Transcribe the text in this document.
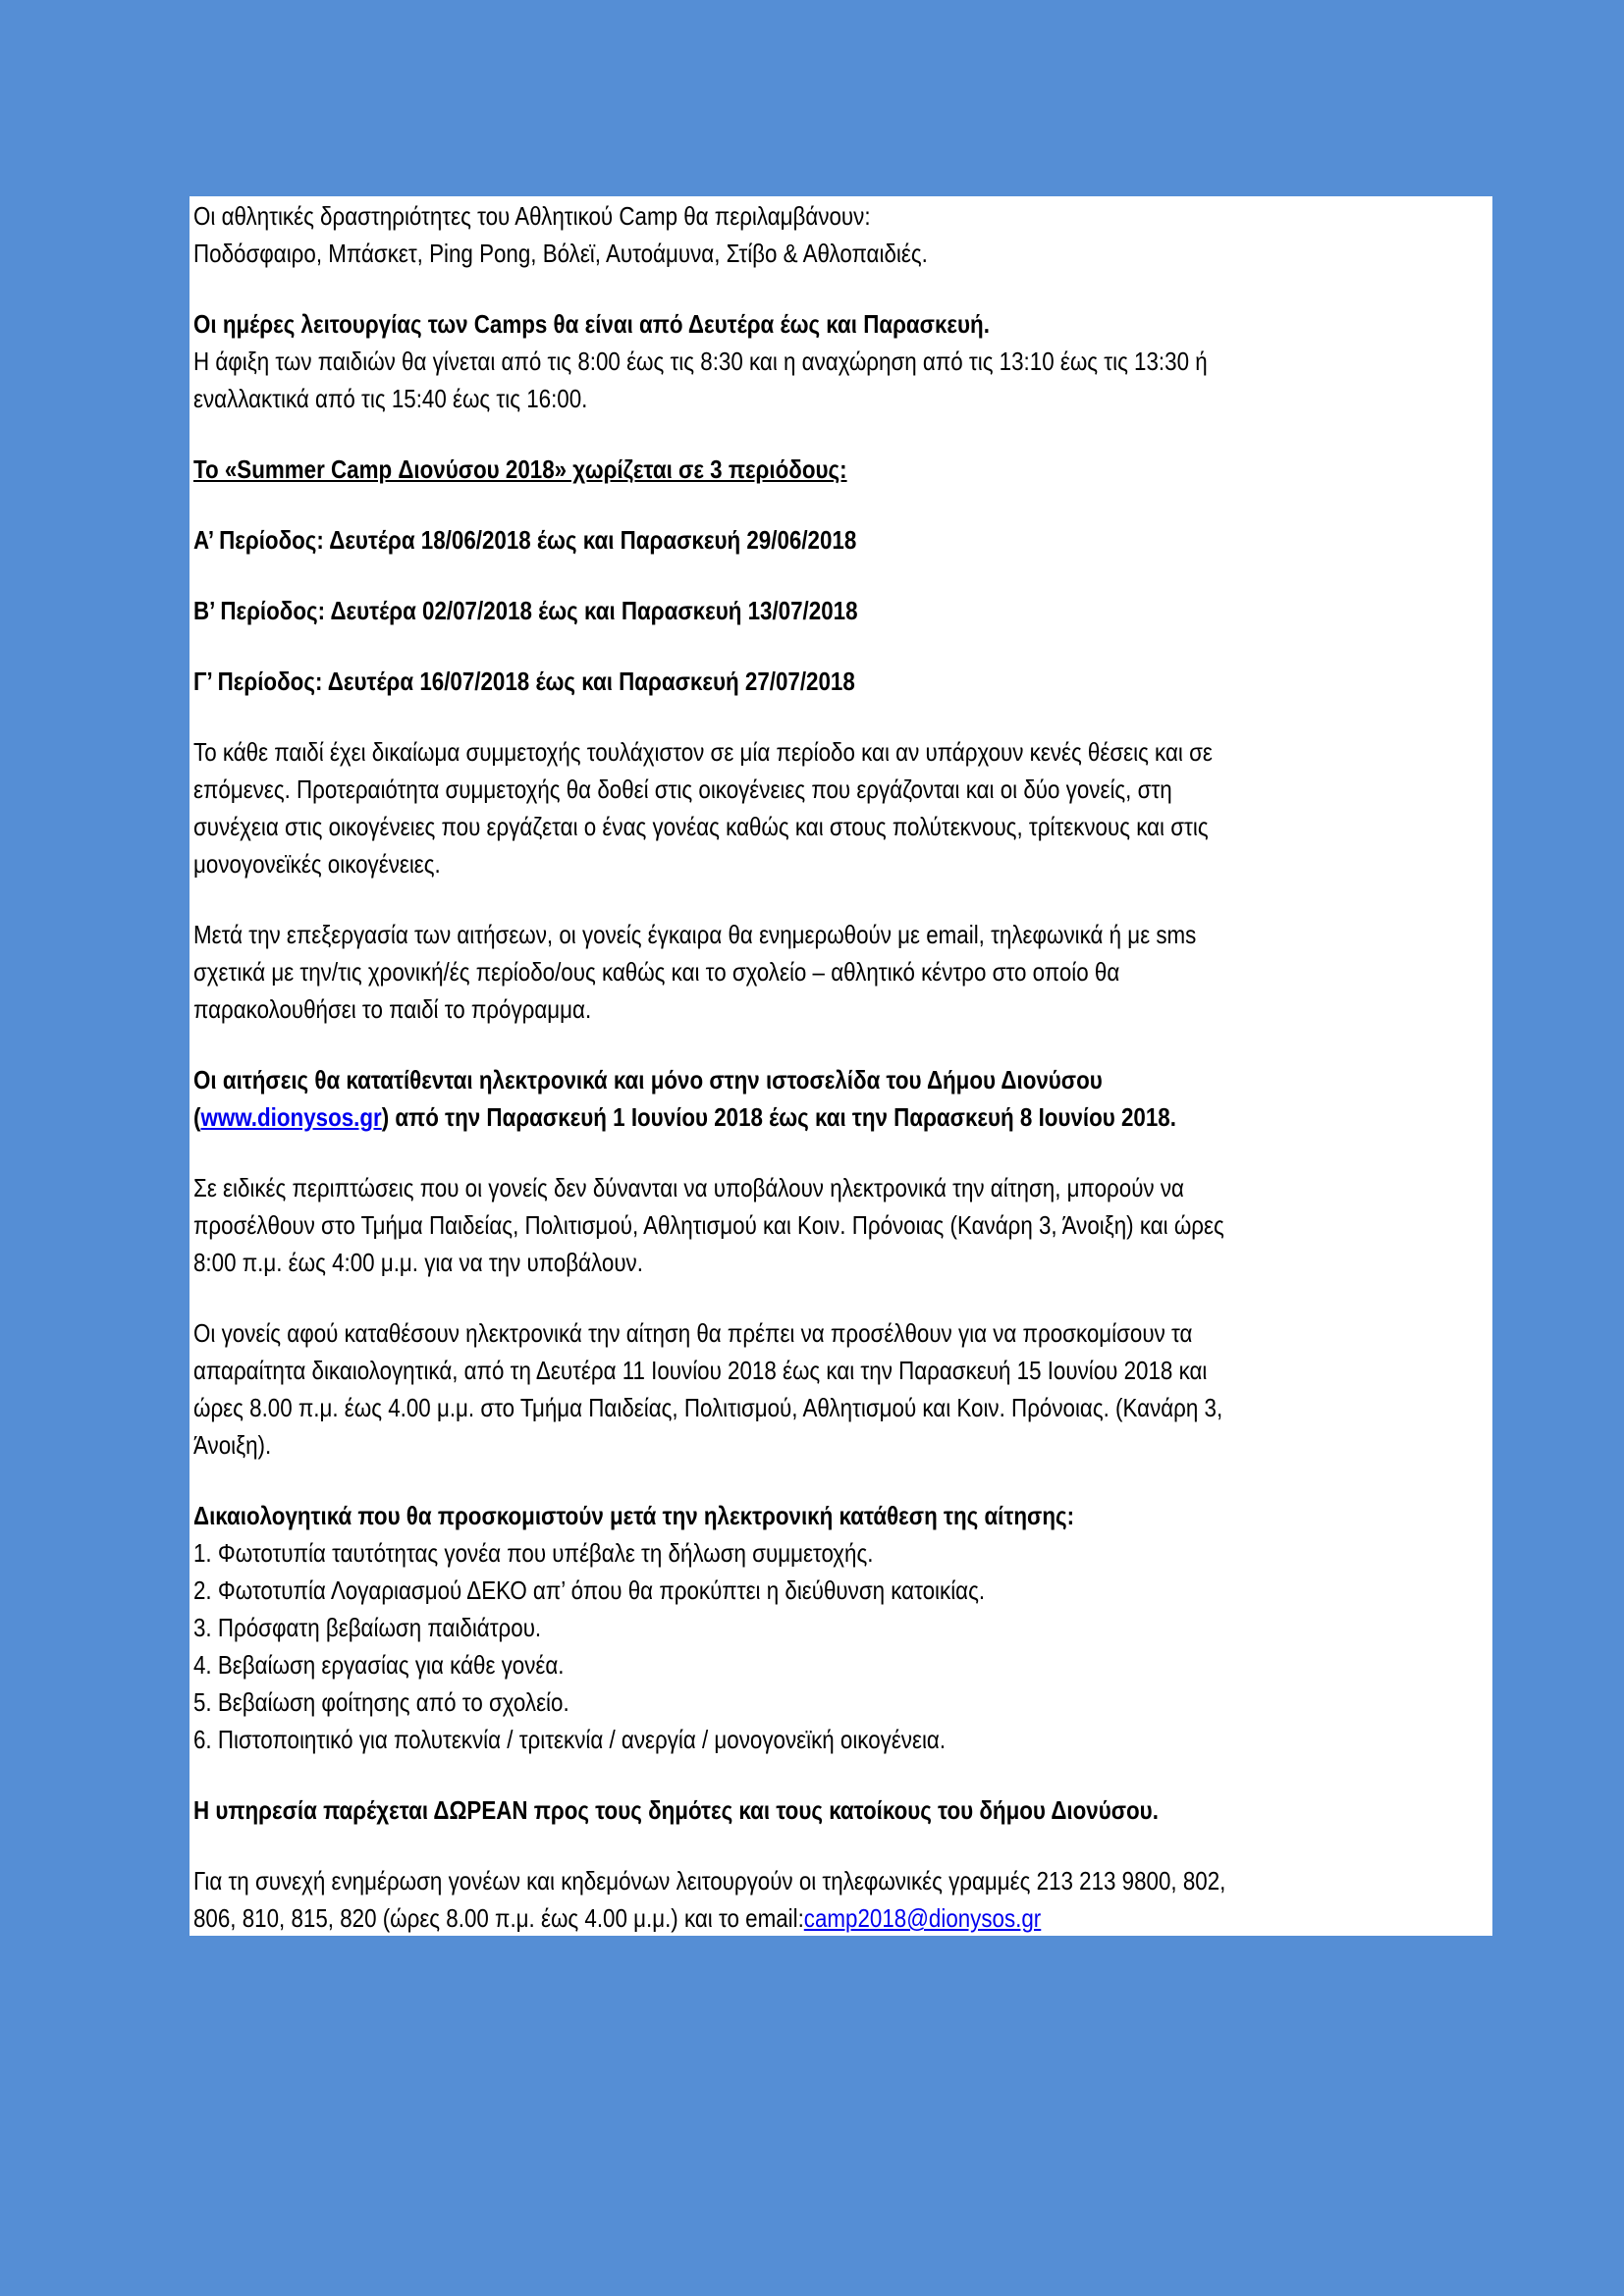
Οι αθλητικές δραστηριότητες του Αθλητικού Camp θα περιλαμβάνουν:
Ποδόσφαιρο, Μπάσκετ, Ping Pong, Βόλεϊ, Αυτοάμυνα, Στίβο & Αθλοπαιδιές.

Οι ημέρες λειτουργίας των Camps θα είναι από Δευτέρα έως και Παρασκευή.
Η άφιξη των παιδιών θα γίνεται από τις 8:00 έως τις 8:30 και η αναχώρηση από τις 13:10 έως τις 13:30 ή
εναλλακτικά από τις 15:40 έως τις 16:00.

Το «Summer Camp Διονύσου 2018» χωρίζεται σε 3 περιόδους:

Α’ Περίοδος: Δευτέρα 18/06/2018 έως και Παρασκευή 29/06/2018

Β’ Περίοδος: Δευτέρα 02/07/2018 έως και Παρασκευή 13/07/2018

Γ’ Περίοδος: Δευτέρα 16/07/2018 έως και Παρασκευή 27/07/2018

Το κάθε παιδί έχει δικαίωμα συμμετοχής τουλάχιστον σε μία περίοδο και αν υπάρχουν κενές θέσεις και σε
επόμενες. Προτεραιότητα συμμετοχής θα δοθεί στις οικογένειες που εργάζονται και οι δύο γονείς, στη
συνέχεια στις οικογένειες που εργάζεται ο ένας γονέας καθώς και στους πολύτεκνους, τρίτεκνους και στις
μονογονεϊκές οικογένειες.

Μετά την επεξεργασία των αιτήσεων, οι γονείς έγκαιρα θα ενημερωθούν με email, τηλεφωνικά ή με sms
σχετικά με την/τις χρονική/ές περίοδο/ους καθώς και το σχολείο – αθλητικό κέντρο στο οποίο θα
παρακολουθήσει το παιδί το πρόγραμμα.

Οι αιτήσεις θα κατατίθενται ηλεκτρονικά και μόνο στην ιστοσελίδα του Δήμου Διονύσου
(www.dionysos.gr) από την Παρασκευή 1 Ιουνίου 2018 έως και την Παρασκευή 8 Ιουνίου 2018.

Σε ειδικές περιπτώσεις που οι γονείς δεν δύνανται να υποβάλουν ηλεκτρονικά την αίτηση, μπορούν να
προσέλθουν στο Τμήμα Παιδείας, Πολιτισμού, Αθλητισμού και Κοιν. Πρόνοιας (Κανάρη 3, Άνοιξη) και ώρες
8:00 π.μ. έως 4:00 μ.μ. για να την υποβάλουν.

Οι γονείς αφού καταθέσουν ηλεκτρονικά την αίτηση θα πρέπει να προσέλθουν για να προσκομίσουν τα
απαραίτητα δικαιολογητικά, από τη Δευτέρα 11 Ιουνίου 2018 έως και την Παρασκευή 15 Ιουνίου 2018 και
ώρες 8.00 π.μ. έως 4.00 μ.μ. στο Τμήμα Παιδείας, Πολιτισμού, Αθλητισμού και Κοιν. Πρόνοιας. (Κανάρη 3,
Άνοιξη).

Δικαιολογητικά που θα προσκομιστούν μετά την ηλεκτρονική κατάθεση της αίτησης:
1. Φωτοτυπία ταυτότητας γονέα που υπέβαλε τη δήλωση συμμετοχής.
2. Φωτοτυπία Λογαριασμού ΔΕΚΟ απ’ όπου θα προκύπτει η διεύθυνση κατοικίας.
3. Πρόσφατη βεβαίωση παιδιάτρου.
4. Βεβαίωση εργασίας για κάθε γονέα.
5. Βεβαίωση φοίτησης από το σχολείο.
6. Πιστοποιητικό για πολυτεκνία / τριτεκνία / ανεργία / μονογονεϊκή οικογένεια.

Η υπηρεσία παρέχεται ΔΩΡΕΑΝ προς τους δημότες και τους κατοίκους του δήμου Διονύσου.

Για τη συνεχή ενημέρωση γονέων και κηδεμόνων λειτουργούν οι τηλεφωνικές γραμμές 213 213 9800, 802,
806, 810, 815, 820 (ώρες 8.00 π.μ. έως 4.00 μ.μ.) και το email:camp2018@dionysos.gr
